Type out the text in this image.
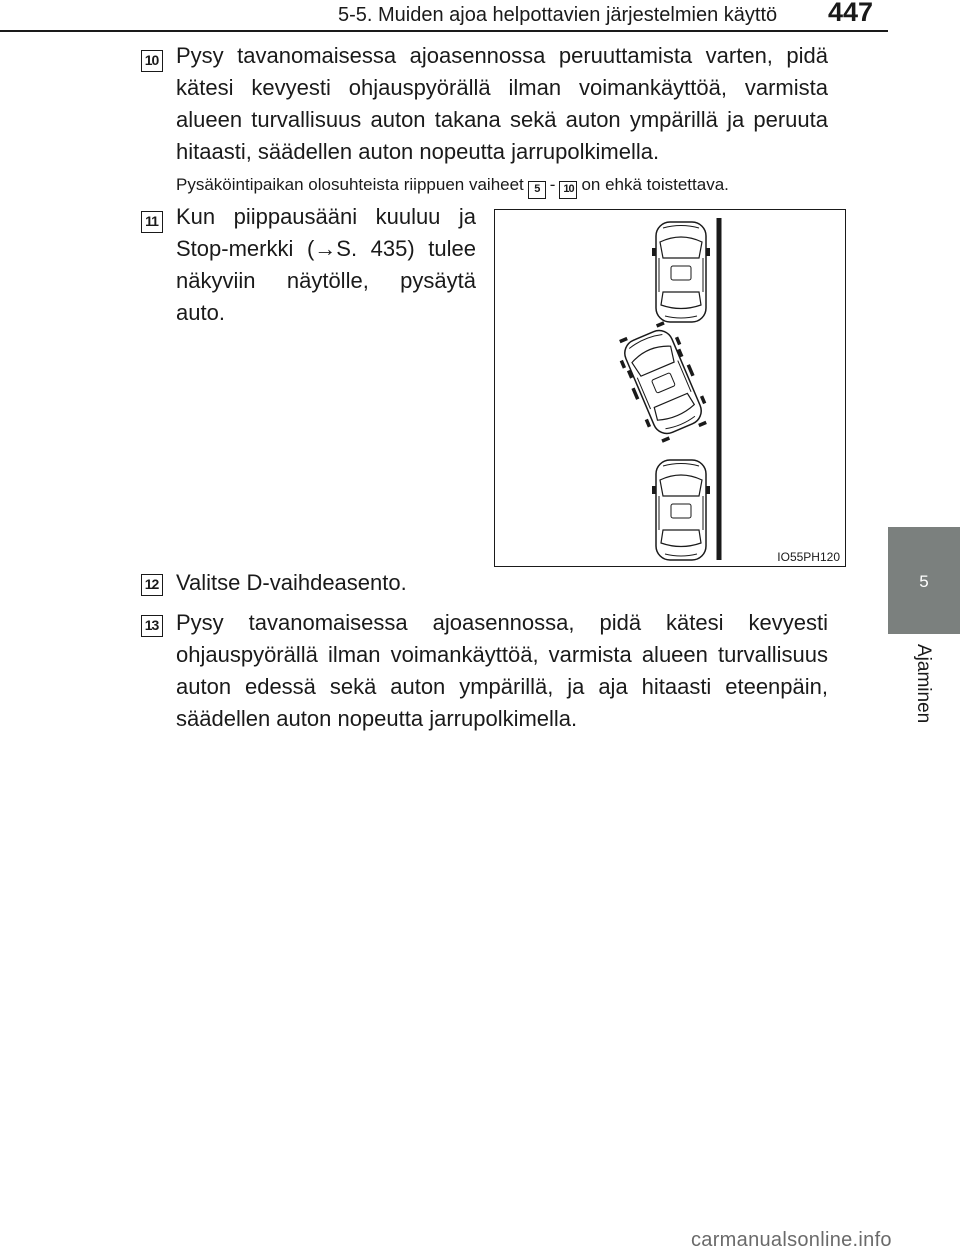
5-5. Muiden ajoa helpottavien järjestelmien käyttö 447
5
Ajaminen
10 Pysy tavanomaisessa ajoasennossa peruuttamista varten, pidä kätesi kevyesti ohjauspyörällä ilman voimankäyttöä, varmista alueen turvallisuus auton takana sekä auton ympärillä ja peruuta hitaasti, säädellen auton nopeutta jarrupolkimella.
Pysäköintipaikan olosuhteista riippuen vaiheet 5 - 10 on ehkä toistettava.
11 Kun piippausääni kuuluu ja Stop-merkki (→S. 435) tulee näkyviin näytölle, pysäytä auto.
IO55PH120
12 Valitse D-vaihdeasento.
13 Pysy tavanomaisessa ajoasennossa, pidä kätesi kevyesti ohjauspyörällä ilman voimankäyttöä, varmista alueen turvallisuus auton edessä sekä auton ympärillä, ja aja hitaasti eteenpäin, säädellen auton nopeutta jarrupolkimella.
carmanualsonline.info
